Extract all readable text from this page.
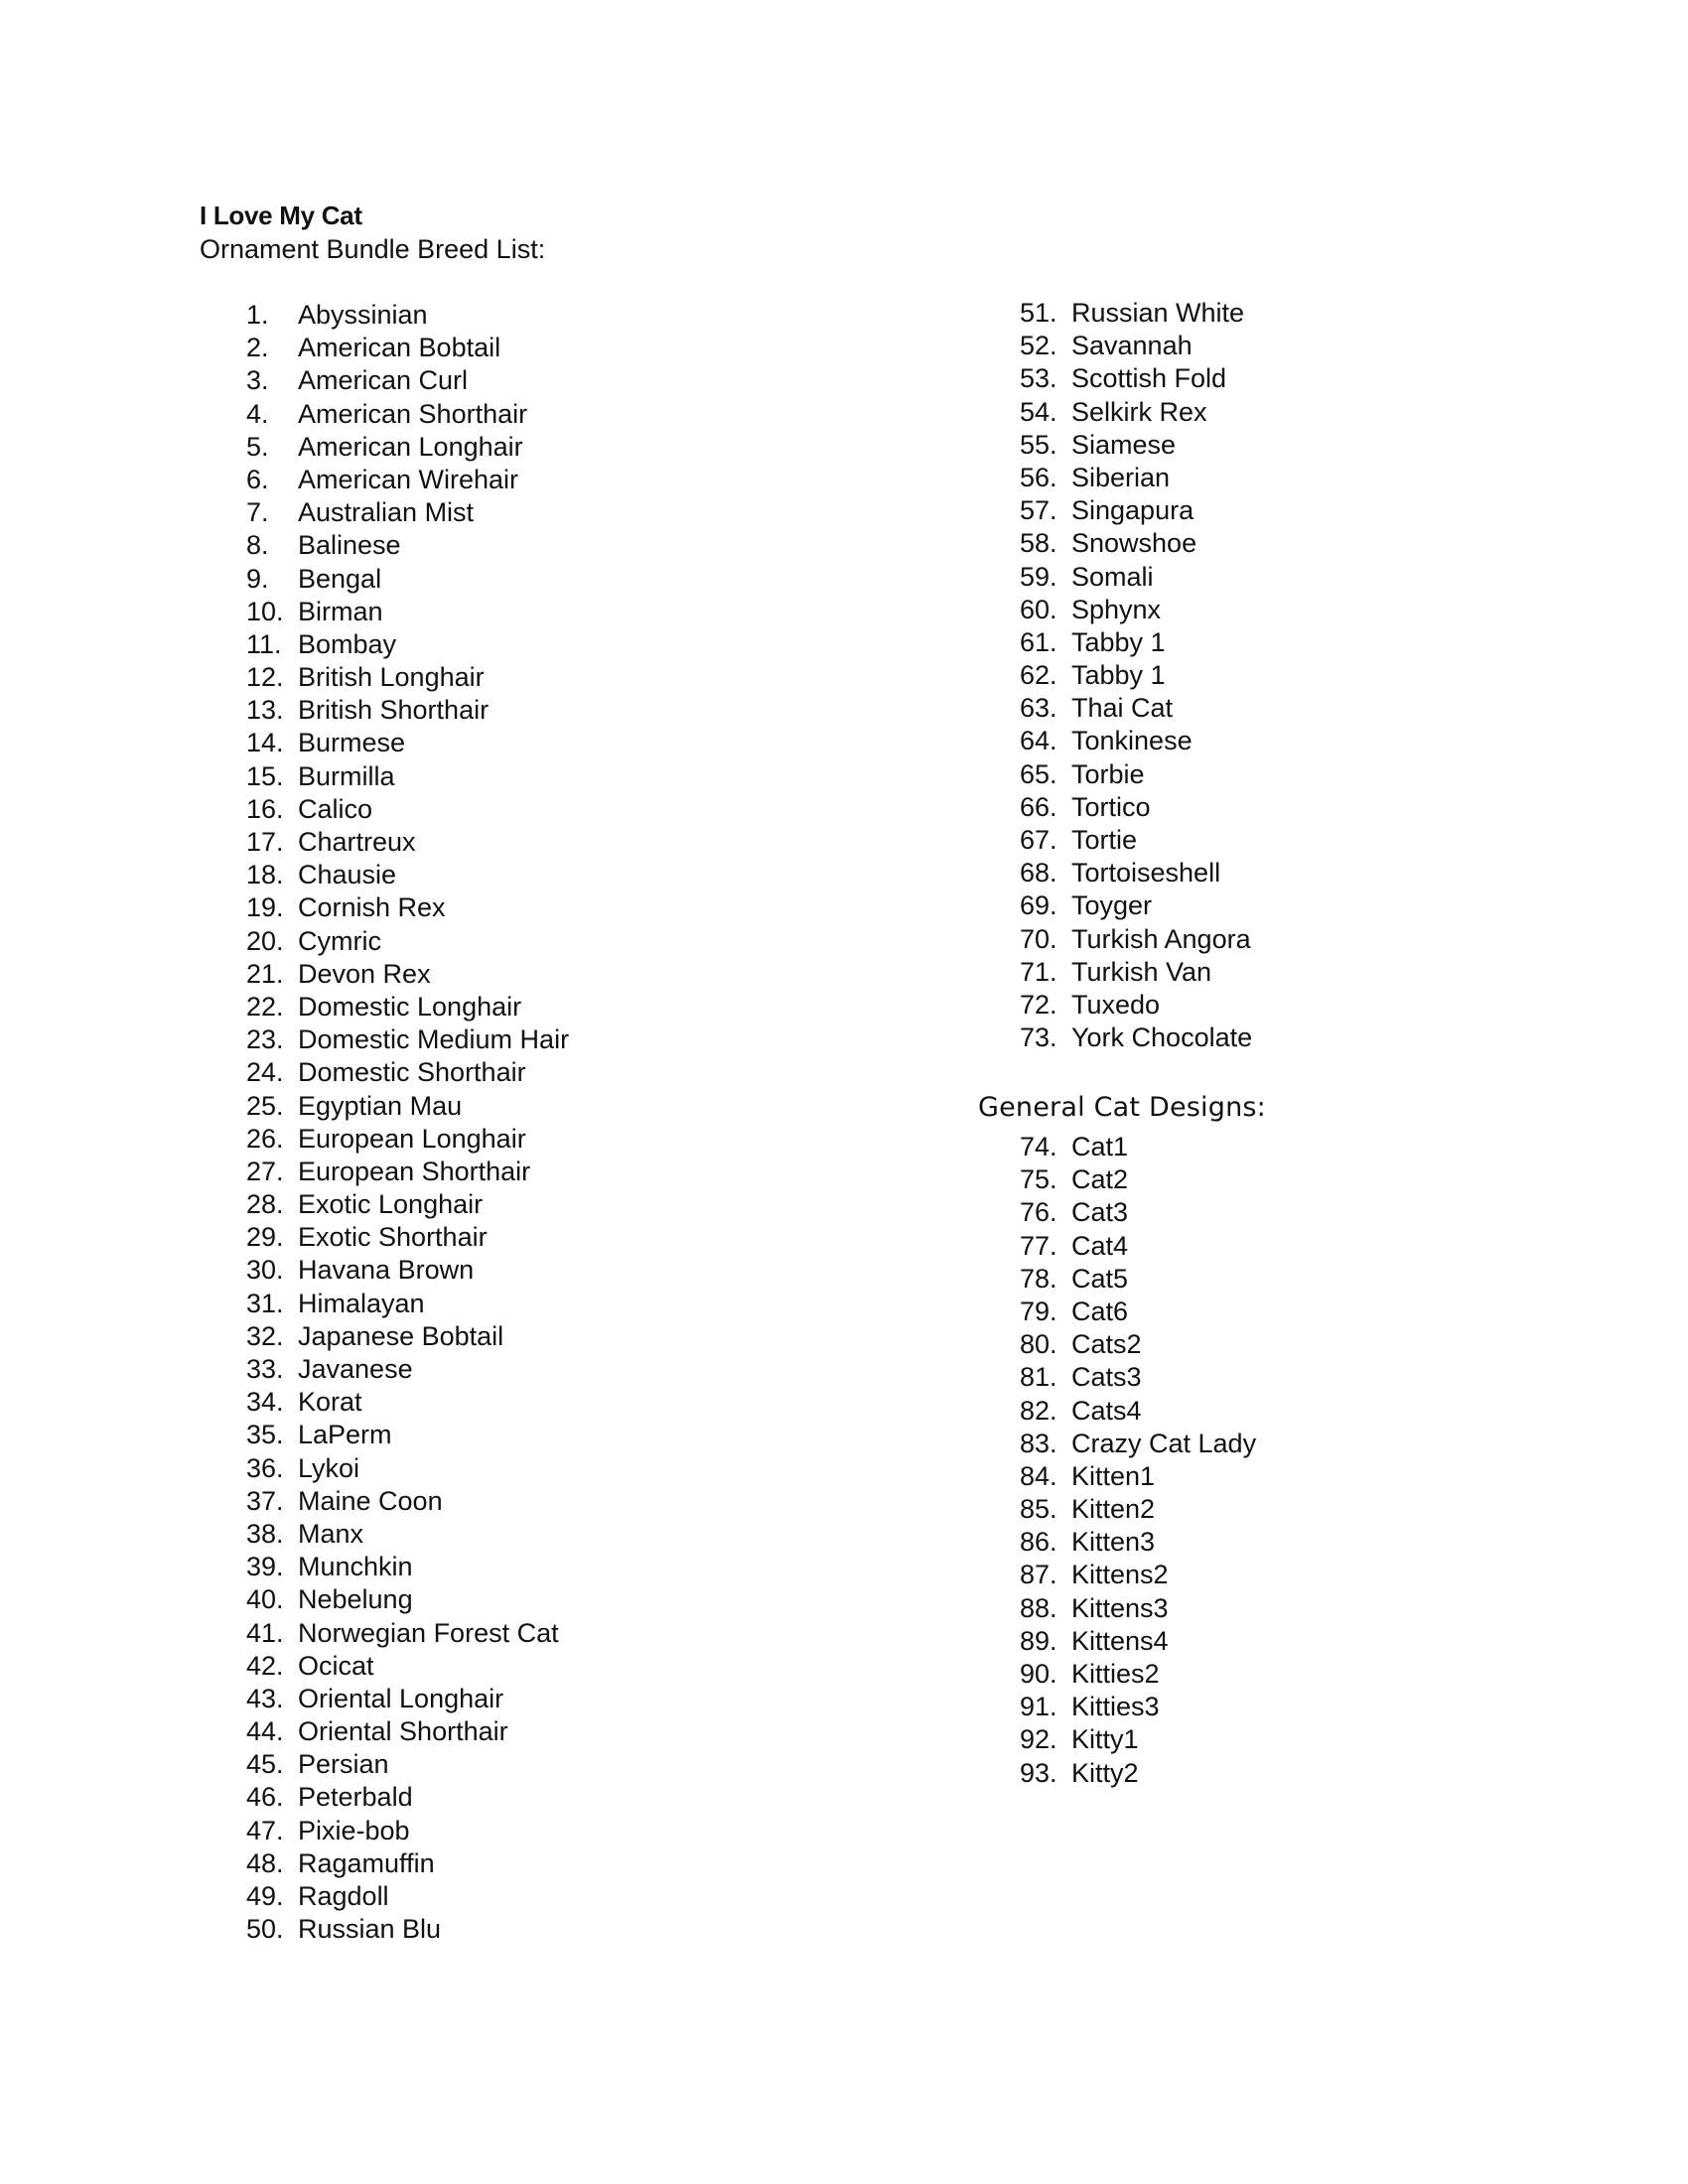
I Love My Cat
Ornament Bundle Breed List:
1.	Abyssinian
2.	American Bobtail
3.	American Curl
4.	American Shorthair
5.	American Longhair
6.	American Wirehair
7.	Australian Mist
8.	Balinese
9.	Bengal
10. Birman
11. Bombay
12. British Longhair
13. British Shorthair
14. Burmese
15. Burmilla
16. Calico
17. Chartreux
18. Chausie
19. Cornish Rex
20. Cymric
21. Devon Rex
22. Domestic Longhair
23. Domestic Medium Hair
24. Domestic Shorthair
25. Egyptian Mau
26. European Longhair
27. European Shorthair
28. Exotic Longhair
29. Exotic Shorthair
30. Havana Brown
31. Himalayan
32. Japanese Bobtail
33. Javanese
34. Korat
35. LaPerm
36. Lykoi
37. Maine Coon
38. Manx
39. Munchkin
40. Nebelung
41. Norwegian Forest Cat
42. Ocicat
43. Oriental Longhair
44. Oriental Shorthair
45. Persian
46. Peterbald
47. Pixie-bob
48. Ragamuffin
49. Ragdoll
50. Russian Blu
51. Russian White
52. Savannah
53. Scottish Fold
54. Selkirk Rex
55. Siamese
56. Siberian
57. Singapura
58. Snowshoe
59. Somali
60. Sphynx
61. Tabby 1
62. Tabby 1
63. Thai Cat
64. Tonkinese
65. Torbie
66. Tortico
67. Tortie
68. Tortoiseshell
69. Toyger
70. Turkish Angora
71. Turkish Van
72. Tuxedo
73. York Chocolate
General Cat Designs:
74. Cat1
75. Cat2
76. Cat3
77. Cat4
78. Cat5
79. Cat6
80. Cats2
81. Cats3
82. Cats4
83. Crazy Cat Lady
84. Kitten1
85. Kitten2
86. Kitten3
87. Kittens2
88. Kittens3
89. Kittens4
90. Kitties2
91. Kitties3
92. Kitty1
93. Kitty2
